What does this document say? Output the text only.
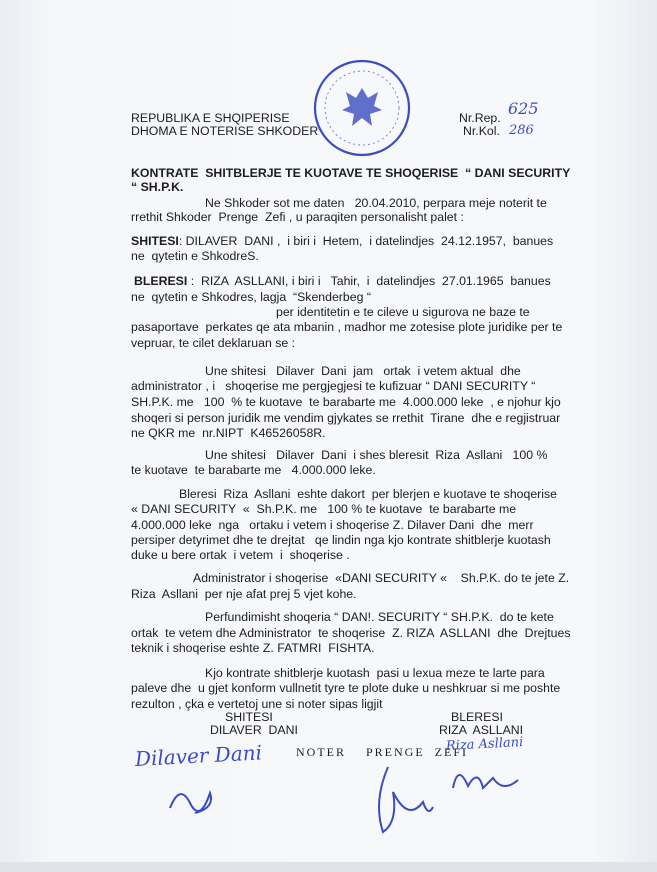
REPUBLIKA E SHQIPERISE
DHOMA E NOTERISE SHKODER
Nr.Rep. 625
Nr.Kol. 286
KONTRATE  SHITBLERJE TE KUOTAVE TE SHOQERISE  “ DANI SECURITY
“ SH.P.K.
Ne Shkoder sot me daten   20.04.2010, perpara meje noterit te
rrethit Shkoder  Prenge  Zefi , u paraqiten personalisht palet :
SHITESI: DILAVER  DANI ,  i biri i  Hetem,  i datelindjes  24.12.1957,  banues
ne  qytetin e ShkodreS.
BLERESI :  RIZA  ASLLANI, i biri i   Tahir,  i  datelindjes  27.01.1965  banues
ne  qytetin e Shkodres, lagja  “Skenderbeg “
per identitetin e te cileve u sigurova ne baze te
pasaportave  perkates qe ata mbanin , madhor me zotesise plote juridike per te
vepruar, te cilet deklaruan se :
Une shitesi   Dilaver  Dani  jam   ortak  i vetem aktual  dhe
administrator , i   shoqerise me pergjegjesi te kufizuar “ DANI SECURITY “
SH.P.K. me   100  % te kuotave  te barabarte me  4.000.000 leke  , e njohur kjo
shoqeri si person juridik me vendim gjykates se rrethit  Tirane  dhe e regjistruar
ne QKR me  nr.NIPT  K46526058R.
Une shitesi   Dilaver  Dani  i shes bleresit  Riza  Asllani   100 %
te kuotave  te barabarte me   4.000.000 leke.
Bleresi  Riza  Asllani  eshte dakort  per blerjen e kuotave te shoqerise
« DANI SECURITY  «  Sh.P.K. me   100 % te kuotave  te barabarte me
4.000.000 leke  nga   ortaku i vetem i shoqerise Z. Dilaver Dani  dhe  merr
persiper detyrimet dhe te drejtat   qe lindin nga kjo kontrate shitblerje kuotash
duke u bere ortak  i vetem  i  shoqerise .
Administrator i shoqerise  «DANI SECURITY «    Sh.P.K. do te jete Z.
Riza  Asllani  per nje afat prej 5 vjet kohe.
Perfundimisht shoqeria “ DAN!. SECURITY “ SH.P.K.  do te kete
ortak  te vetem dhe Administrator  te shoqerise  Z. RIZA  ASLLANI  dhe  Drejtues
teknik i shoqerise eshte Z. FATMRI  FISHTA.
Kjo kontrate shitblerje kuotash  pasi u lexua meze te larte para
paleve dhe  u gjet konform vullnetit tyre te plote duke u neshkruar si me poshte
rezulton , çka e vertetoj une si noter sipas ligjit
SHITESI
DILAVER  DANI
BLERESI
RIZA  ASLLANI
NOTER    PRENGE  ZEFI
Dilaver Dani	Riza Asllani
